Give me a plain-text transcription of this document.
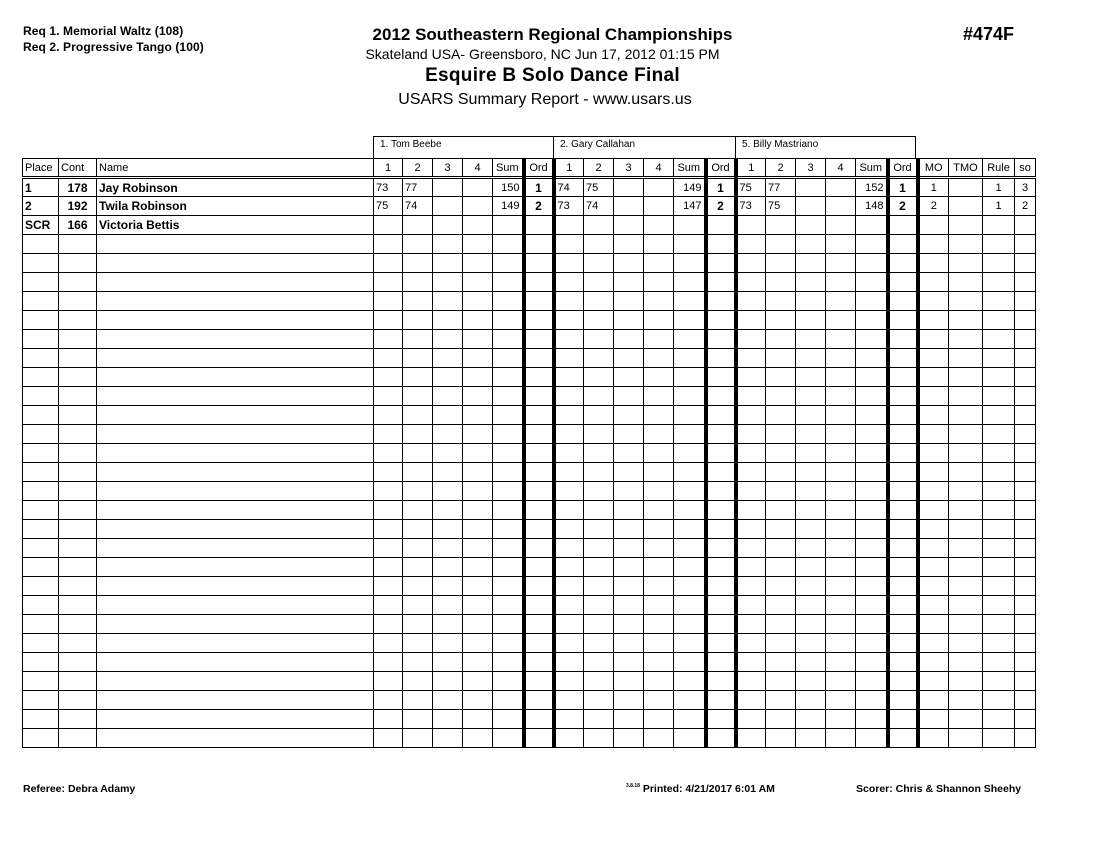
Req 1. Memorial Waltz (108)
Req 2. Progressive Tango (100)
2012 Southeastern Regional Championships
Skateland USA- Greensboro, NC Jun 17, 2012 01:15 PM
Esquire B Solo Dance Final
USARS Summary Report - www.usars.us
#474F
1. Tom Beebe	2. Gary Callahan	5. Billy Mastriano
Place	Cont	Name	1	2	3	4	Sum	Ord	1	2	3	4	Sum	Ord	1	2	3	4	Sum	Ord	MO	TMO	Rule	so
1	178	Jay Robinson	73	77			150	1	74	75			149	1	75	77			152	1	1		1	3
2	192	Twila Robinson	75	74			149	2	73	74			147	2	73	75			148	2	2		1	2
SCR	166	Victoria Bettis																						

Referee: Debra Adamy	$^{3.8.18}$ Printed: 4/21/2017 6:01 AM	Scorer: Chris & Shannon Sheehy
